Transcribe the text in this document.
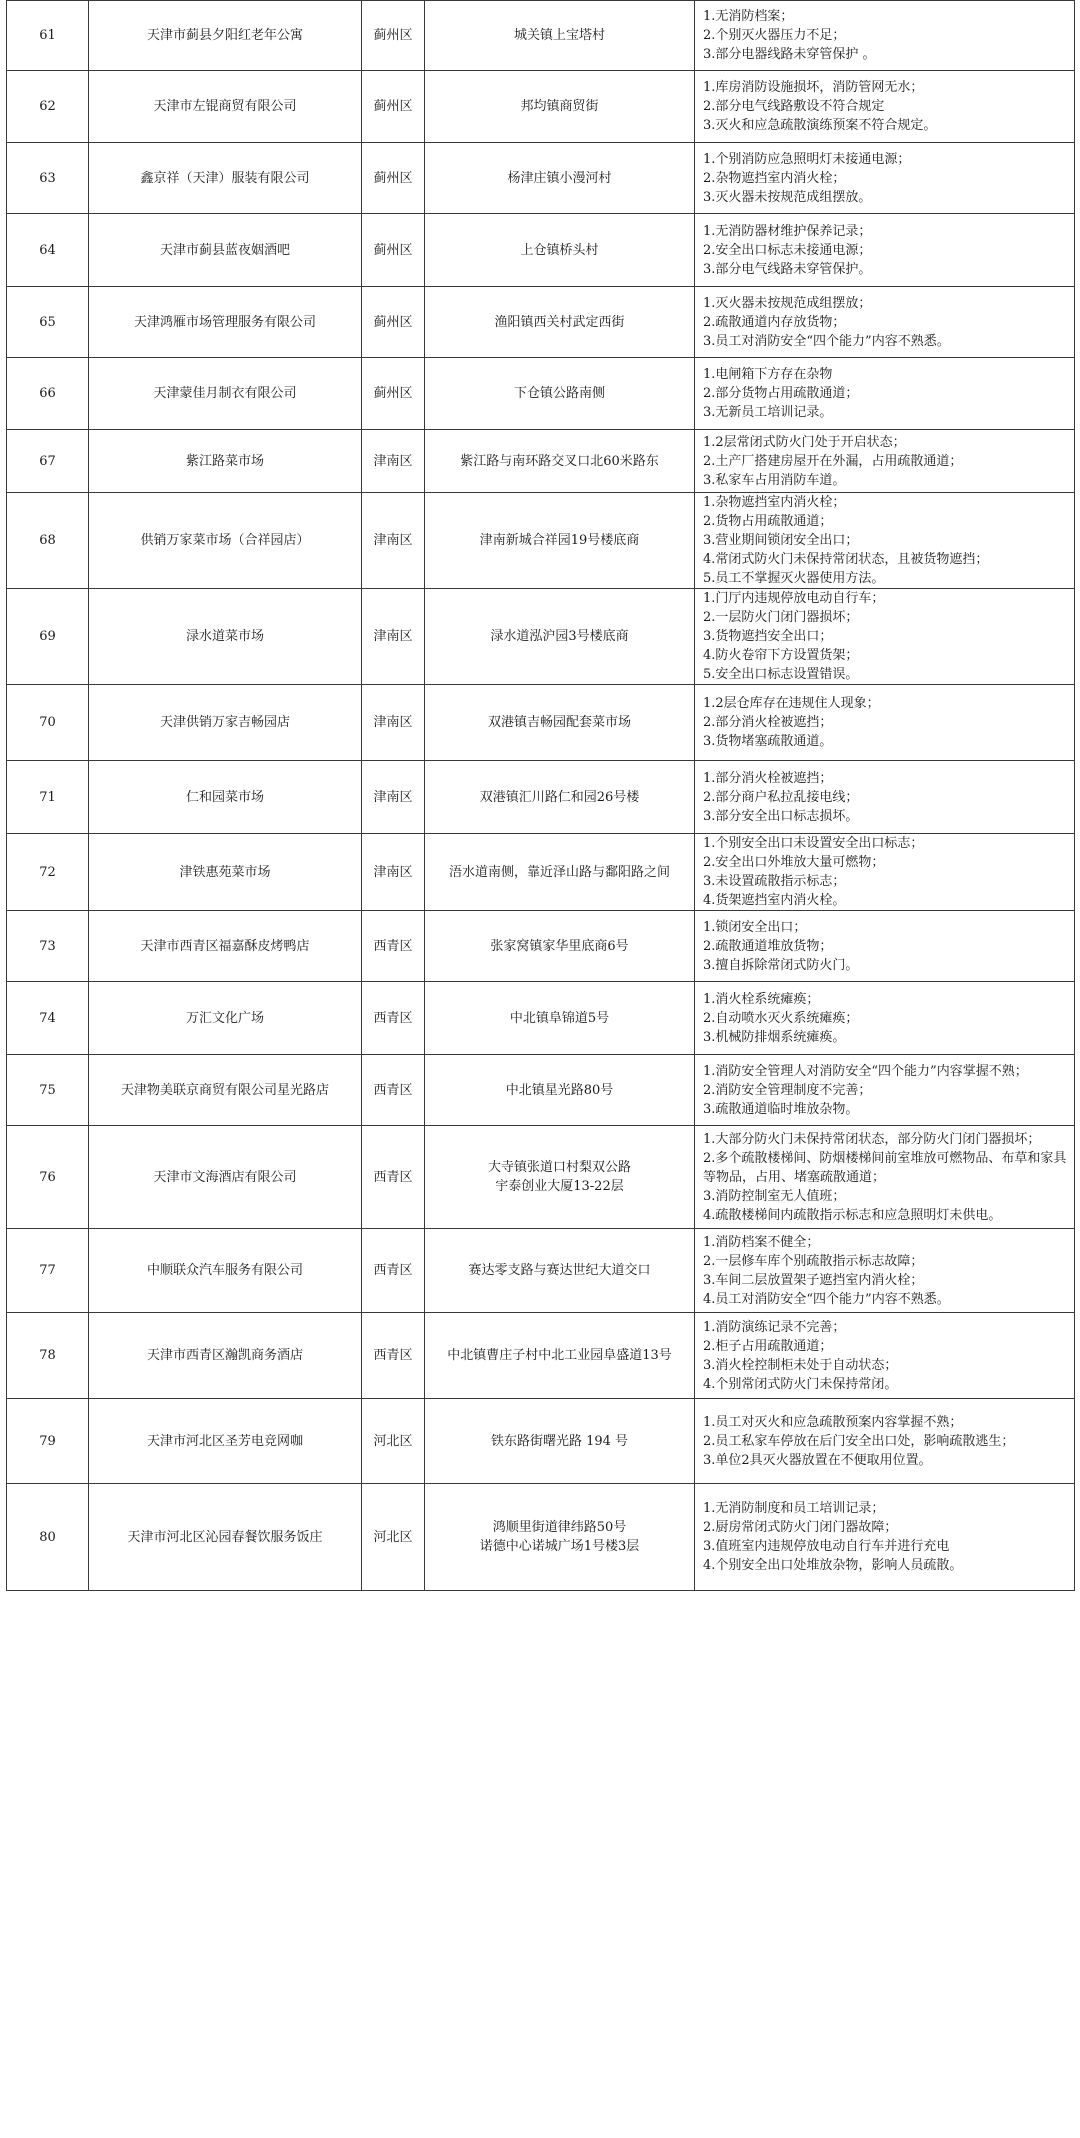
61	天津市蓟县夕阳红老年公寓	蓟州区	城关镇上宝塔村	1.无消防档案；
2.个别灭火器压力不足；
3.部分电器线路未穿管保护 。

62	天津市左锟商贸有限公司	蓟州区	邦均镇商贸街	1.库房消防设施损坏，消防管网无水；
2.部分电气线路敷设不符合规定
3.灭火和应急疏散演练预案不符合规定。

63	鑫京祥（天津）服装有限公司	蓟州区	杨津庄镇小漫河村	1.个别消防应急照明灯未接通电源；
2.杂物遮挡室内消火栓；
3.灭火器未按规范成组摆放。

64	天津市蓟县蓝夜姻酒吧	蓟州区	上仓镇桥头村	1.无消防器材维护保养记录；
2.安全出口标志未接通电源；
3.部分电气线路未穿管保护。

65	天津鸿雁市场管理服务有限公司	蓟州区	渔阳镇西关村武定西街	1.灭火器未按规范成组摆放；
2.疏散通道内存放货物；
3.员工对消防安全“四个能力”内容不熟悉。

66	天津蒙佳月制衣有限公司	蓟州区	下仓镇公路南侧	1.电闸箱下方存在杂物
2.部分货物占用疏散通道；
3.无新员工培训记录。

67	紫江路菜市场	津南区	紫江路与南环路交叉口北60米路东	1.2层常闭式防火门处于开启状态；
2.土产厂搭建房屋开在外漏，占用疏散通道；
3.私家车占用消防车道。

68	供销万家菜市场（合祥园店）	津南区	津南新城合祥园19号楼底商	1.杂物遮挡室内消火栓；
2.货物占用疏散通道；
3.营业期间锁闭安全出口；
4.常闭式防火门未保持常闭状态，且被货物遮挡；
5.员工不掌握灭火器使用方法。

69	渌水道菜市场	津南区	渌水道泓沪园3号楼底商	1.门厅内违规停放电动自行车；
2.一层防火门闭门器损坏；
3.货物遮挡安全出口；
4.防火卷帘下方设置货架；
5.安全出口标志设置错误。

70	天津供销万家吉畅园店	津南区	双港镇吉畅园配套菜市场	1.2层仓库存在违规住人现象；
2.部分消火栓被遮挡；
3.货物堵塞疏散通道。

71	仁和园菜市场	津南区	双港镇汇川路仁和园26号楼	1.部分消火栓被遮挡；
2.部分商户私拉乱接电线；
3.部分安全出口标志损坏。

72	津铁惠苑菜市场	津南区	浯水道南侧，靠近泽山路与鄱阳路之间	1.个别安全出口未设置安全出口标志；
2.安全出口外堆放大量可燃物；
3.未设置疏散指示标志；
4.货架遮挡室内消火栓。

73	天津市西青区福嘉酥皮烤鸭店	西青区	张家窝镇家华里底商6号	1.锁闭安全出口；
2.疏散通道堆放货物；
3.擅自拆除常闭式防火门。

74	万汇文化广场	西青区	中北镇阜锦道5号	1.消火栓系统瘫痪；
2.自动喷水灭火系统瘫痪；
3.机械防排烟系统瘫痪。

75	天津物美联京商贸有限公司星光路店	西青区	中北镇星光路80号	1.消防安全管理人对消防安全“四个能力”内容掌握不熟；
2.消防安全管理制度不完善；
3.疏散通道临时堆放杂物。

76	天津市文海酒店有限公司	西青区	大寺镇张道口村梨双公路
宇泰创业大厦13-22层	1.大部分防火门未保持常闭状态，部分防火门闭门器损坏；
2.多个疏散楼梯间、防烟楼梯间前室堆放可燃物品、布草和家具等物品，占用、堵塞疏散通道；
3.消防控制室无人值班；
4.疏散楼梯间内疏散指示标志和应急照明灯未供电。

77	中顺联众汽车服务有限公司	西青区	赛达零支路与赛达世纪大道交口	1.消防档案不健全；
2.一层修车库个别疏散指示标志故障；
3.车间二层放置架子遮挡室内消火栓；
4.员工对消防安全“四个能力”内容不熟悉。

78	天津市西青区瀚凯商务酒店	西青区	中北镇曹庄子村中北工业园阜盛道13号	1.消防演练记录不完善；
2.柜子占用疏散通道；
3.消火栓控制柜未处于自动状态；
4.个别常闭式防火门未保持常闭。

79	天津市河北区圣芳电竞网咖	河北区	铁东路街曙光路 194 号	1.员工对灭火和应急疏散预案内容掌握不熟；
2.员工私家车停放在后门安全出口处，影响疏散逃生；
3.单位2具灭火器放置在不便取用位置。

80	天津市河北区沁园春餐饮服务饭庄	河北区	鸿顺里街道律纬路50号
诺德中心诺城广场1号楼3层	1.无消防制度和员工培训记录；
2.厨房常闭式防火门闭门器故障；
3.值班室内违规停放电动自行车并进行充电
4.个别安全出口处堆放杂物，影响人员疏散。
